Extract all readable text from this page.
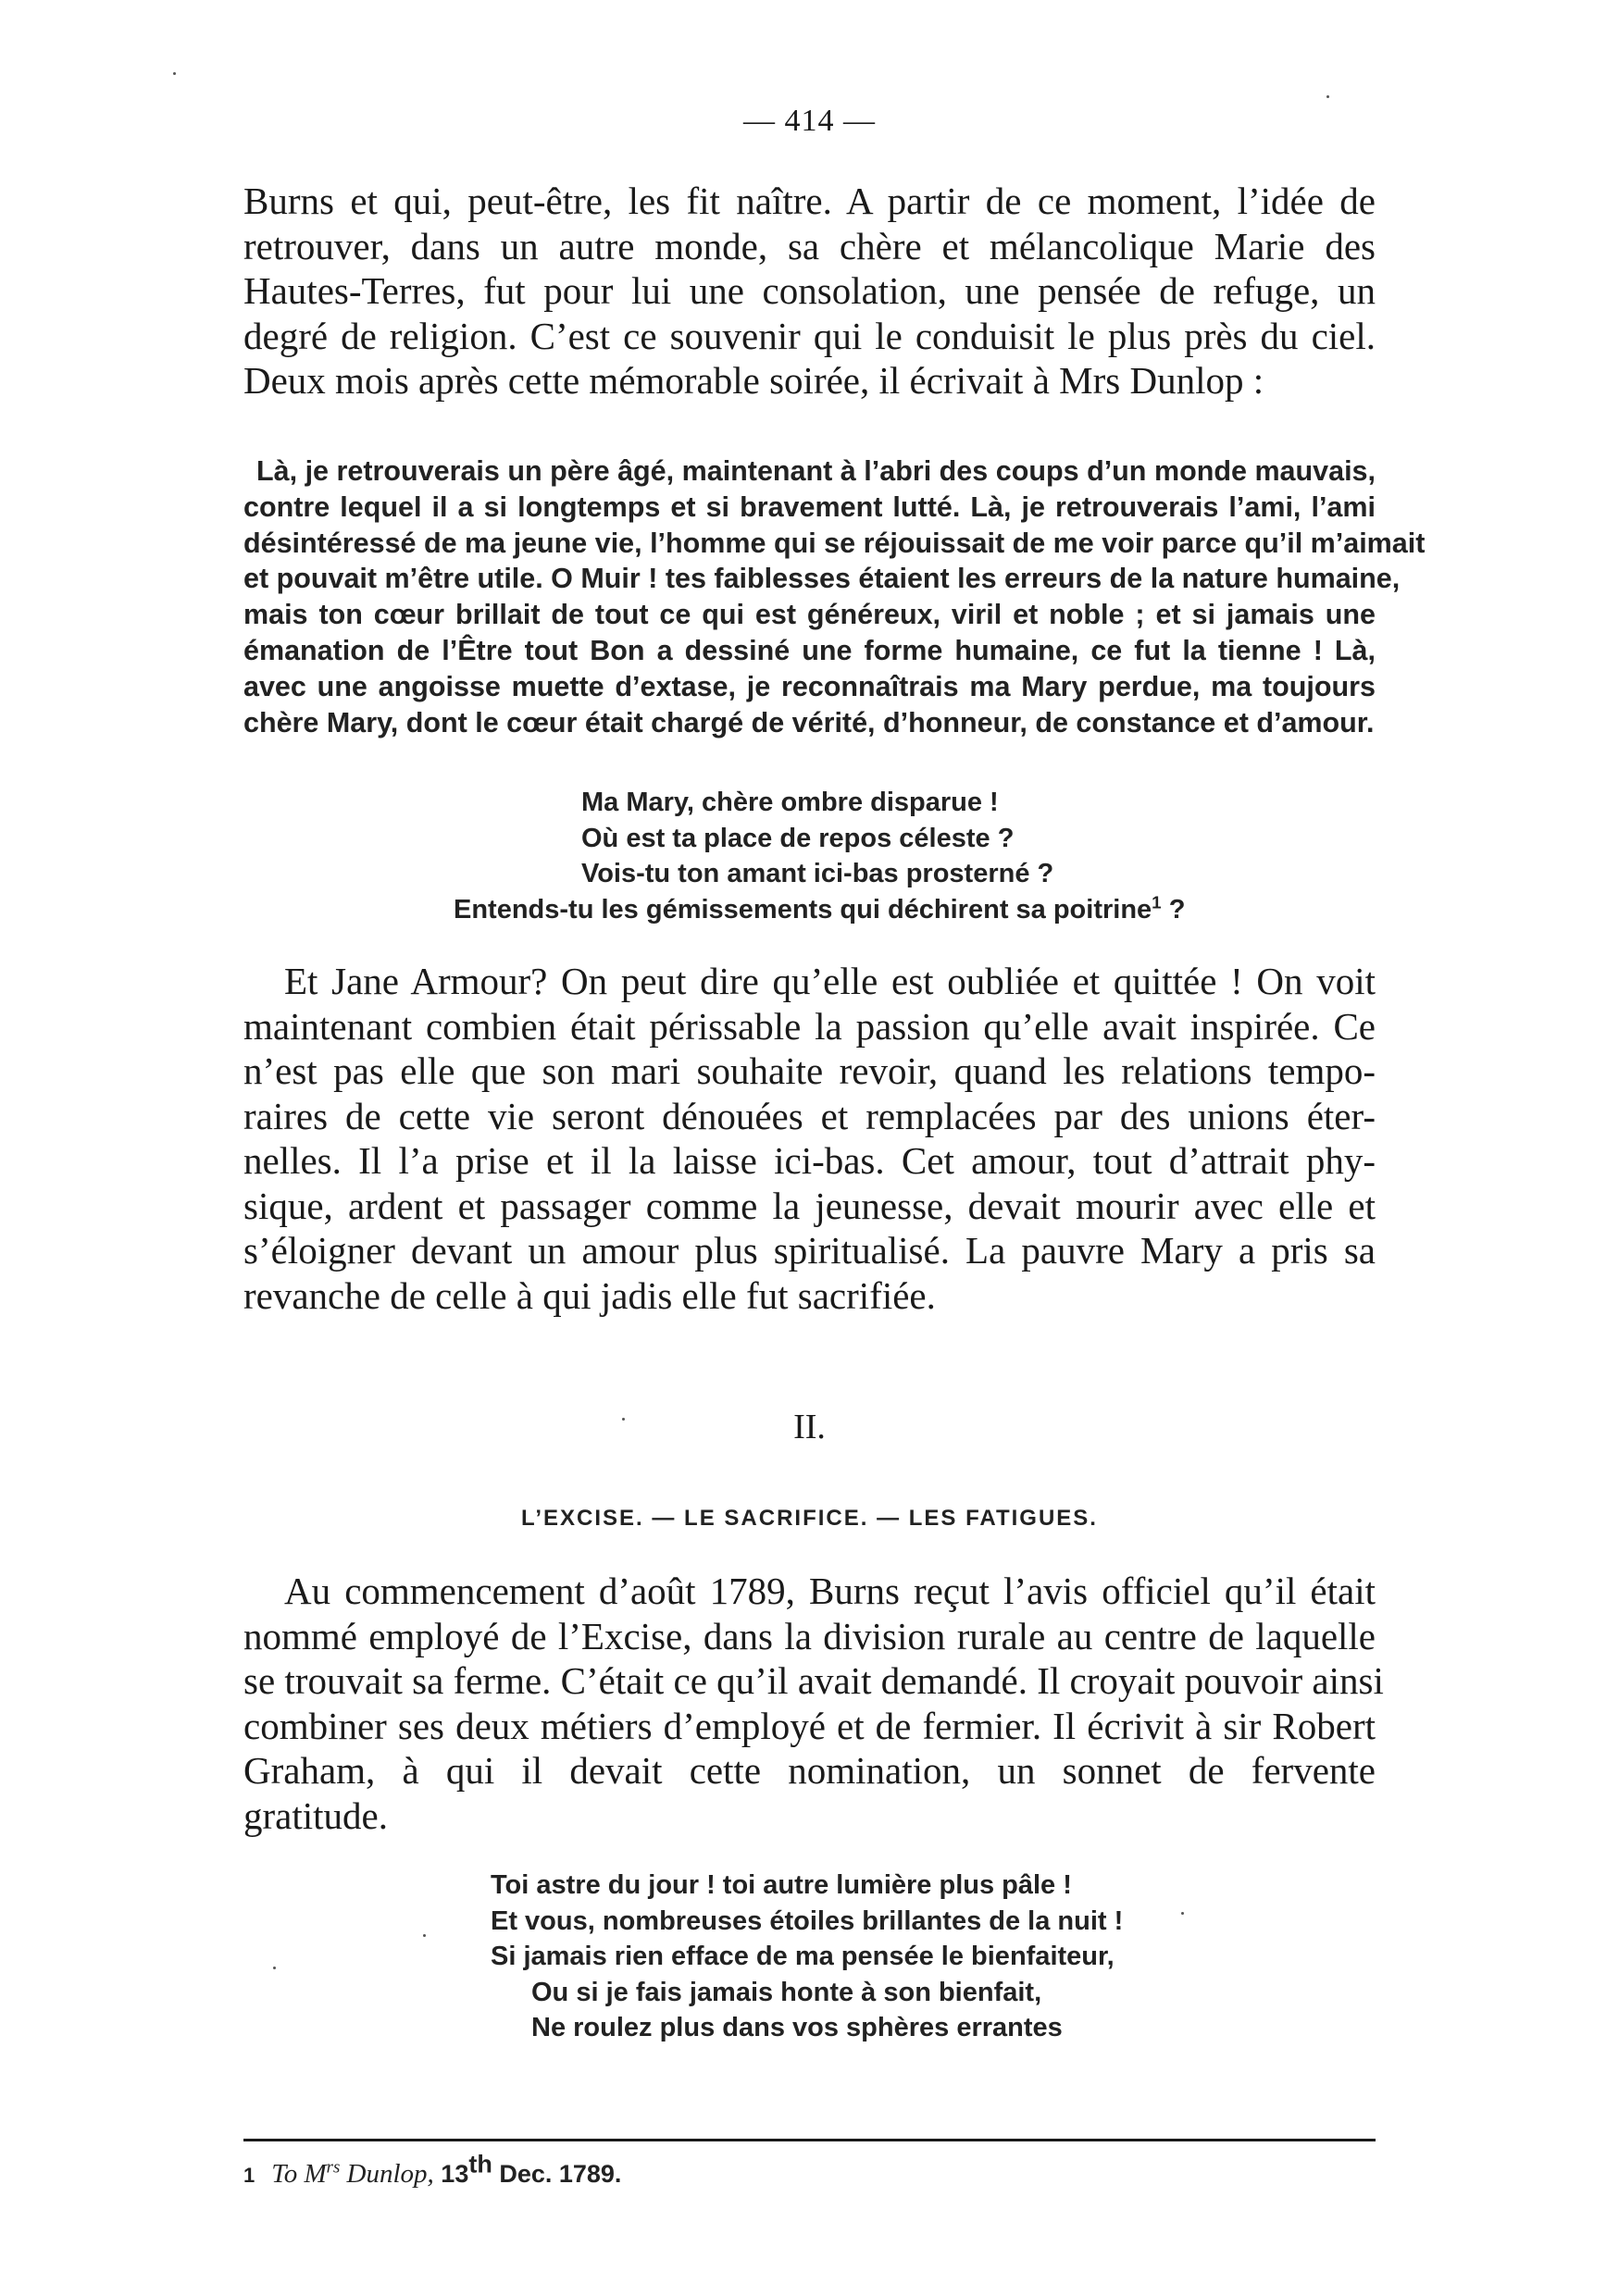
— 414 —
Burns et qui, peut-être, les fit naître. A partir de ce moment, l’idée de
retrouver, dans un autre monde, sa chère et mélancolique Marie des
Hautes-Terres, fut pour lui une consolation, une pensée de refuge, un
degré de religion. C’est ce souvenir qui le conduisit le plus près du ciel.
Deux mois après cette mémorable soirée, il écrivait à Mrs Dunlop :
Là, je retrouverais un père âgé, maintenant à l’abri des coups d’un monde mauvais,
contre lequel il a si longtemps et si bravement lutté. Là, je retrouverais l’ami, l’ami
désintéressé de ma jeune vie, l’homme qui se réjouissait de me voir parce qu’il m’aimait
et pouvait m’être utile. O Muir ! tes faiblesses étaient les erreurs de la nature humaine,
mais ton cœur brillait de tout ce qui est généreux, viril et noble ; et si jamais une
émanation de l’Être tout Bon a dessiné une forme humaine, ce fut la tienne ! Là,
avec une angoisse muette d’extase, je reconnaîtrais ma Mary perdue, ma toujours
chère Mary, dont le cœur était chargé de vérité, d’honneur, de constance et d’amour.
Ma Mary, chère ombre disparue !
Où est ta place de repos céleste ?
Vois-tu ton amant ici-bas prosterné ?
Entends-tu les gémissements qui déchirent sa poitrine$^1$ ?
Et Jane Armour? On peut dire qu’elle est oubliée et quittée ! On voit
maintenant combien était périssable la passion qu’elle avait inspirée. Ce
n’est pas elle que son mari souhaite revoir, quand les relations tempo-
raires de cette vie seront dénouées et remplacées par des unions éter-
nelles. Il l’a prise et il la laisse ici-bas. Cet amour, tout d’attrait phy-
sique, ardent et passager comme la jeunesse, devait mourir avec elle et
s’éloigner devant un amour plus spiritualisé. La pauvre Mary a pris sa
revanche de celle à qui jadis elle fut sacrifiée.
II.
L’EXCISE. — LE SACRIFICE. — LES FATIGUES.
Au commencement d’août 1789, Burns reçut l’avis officiel qu’il était
nommé employé de l’Excise, dans la division rurale au centre de laquelle
se trouvait sa ferme. C’était ce qu’il avait demandé. Il croyait pouvoir ainsi
combiner ses deux métiers d’employé et de fermier. Il écrivit à sir Robert
Graham, à qui il devait cette nomination, un sonnet de fervente
gratitude.
Toi astre du jour ! toi autre lumière plus pâle !
Et vous, nombreuses étoiles brillantes de la nuit !
Si jamais rien efface de ma pensée le bienfaiteur,
Ou si je fais jamais honte à son bienfait,
Ne roulez plus dans vos sphères errantes
1 To $M^{rs}$ Dunlop, 13th Dec. 1789.
